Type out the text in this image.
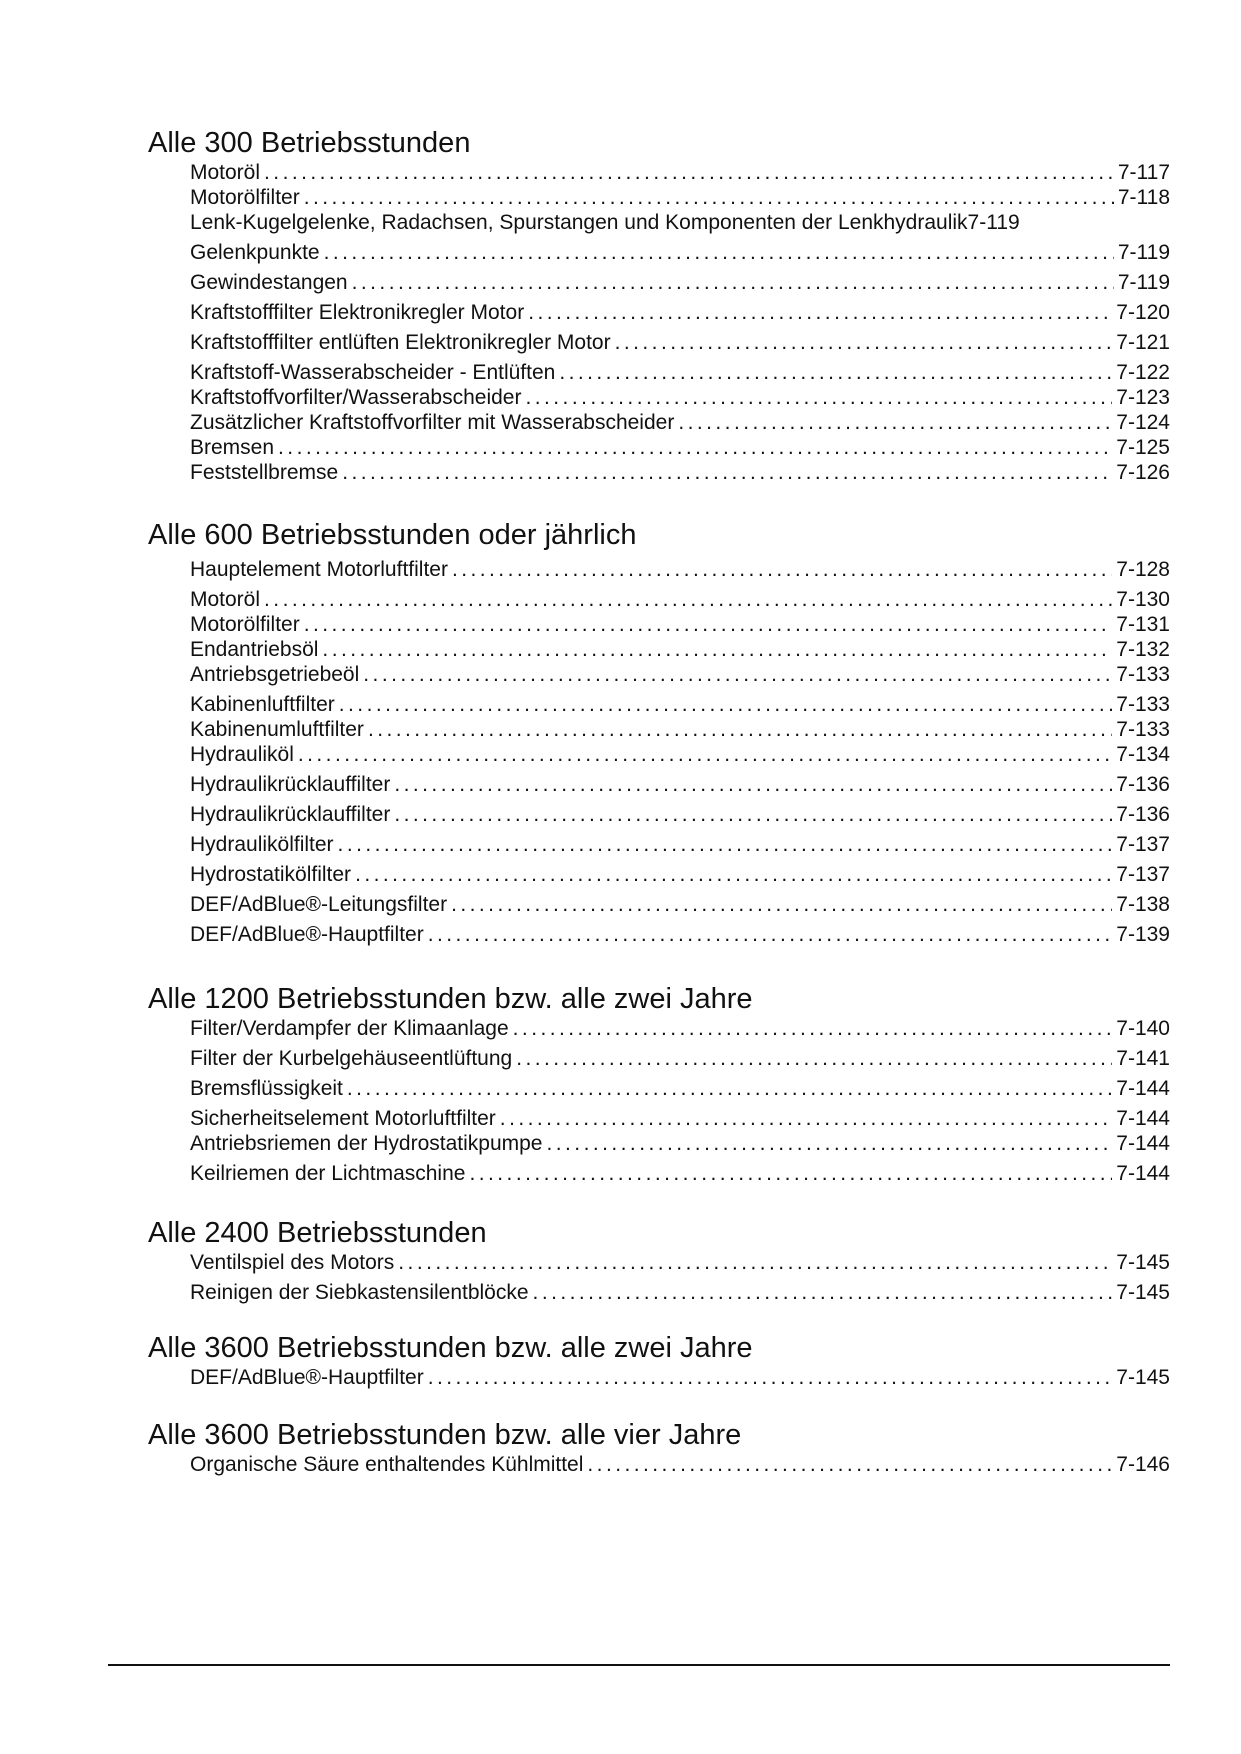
Alle 300 Betriebsstunden
Motoröl . . .	7-117
Motorölfilter . . .	7-118
Lenk-Kugelgelenke, Radachsen, Spurstangen und Komponenten der Lenkhydraulik 7-119
Gelenkpunkte . . .	7-119
Gewindestangen . . .	7-119
Kraftstofffilter Elektronikregler Motor . . .	7-120
Kraftstofffilter entlüften Elektronikregler Motor . . .	7-121
Kraftstoff-Wasserabscheider - Entlüften . . .	7-122
Kraftstoffvorfilter/Wasserabscheider . . .	7-123
Zusätzlicher Kraftstoffvorfilter mit Wasserabscheider . . .	7-124
Bremsen . . .	7-125
Feststellbremse . . .	7-126
Alle 600 Betriebsstunden oder jährlich
Hauptelement Motorluftfilter . . .	7-128
Motoröl . . .	7-130
Motorölfilter . . .	7-131
Endantriebsöl . . .	7-132
Antriebsgetriebeöl . . .	7-133
Kabinenluftfilter . . .	7-133
Kabinenumluftfilter . . .	7-133
Hydrauliköl . . .	7-134
Hydraulikrücklauffilter . . .	7-136
Hydraulikrücklauffilter . . .	7-136
Hydraulikölfilter . . .	7-137
Hydrostatikölfilter . . .	7-137
DEF/AdBlue®-Leitungsfilter . . .	7-138
DEF/AdBlue®-Hauptfilter . . .	7-139
Alle 1200 Betriebsstunden bzw. alle zwei Jahre
Filter/Verdampfer der Klimaanlage . . .	7-140
Filter der Kurbelgehäuseentlüftung . . .	7-141
Bremsflüssigkeit . . .	7-144
Sicherheitselement Motorluftfilter . . .	7-144
Antriebsriemen der Hydrostatikpumpe . . .	7-144
Keilriemen der Lichtmaschine . . .	7-144
Alle 2400 Betriebsstunden
Ventilspiel des Motors . . .	7-145
Reinigen der Siebkastensilentblöcke . . .	7-145
Alle 3600 Betriebsstunden bzw. alle zwei Jahre
DEF/AdBlue®-Hauptfilter . . .	7-145
Alle 3600 Betriebsstunden bzw. alle vier Jahre
Organische Säure enthaltendes Kühlmittel . . .	7-146
